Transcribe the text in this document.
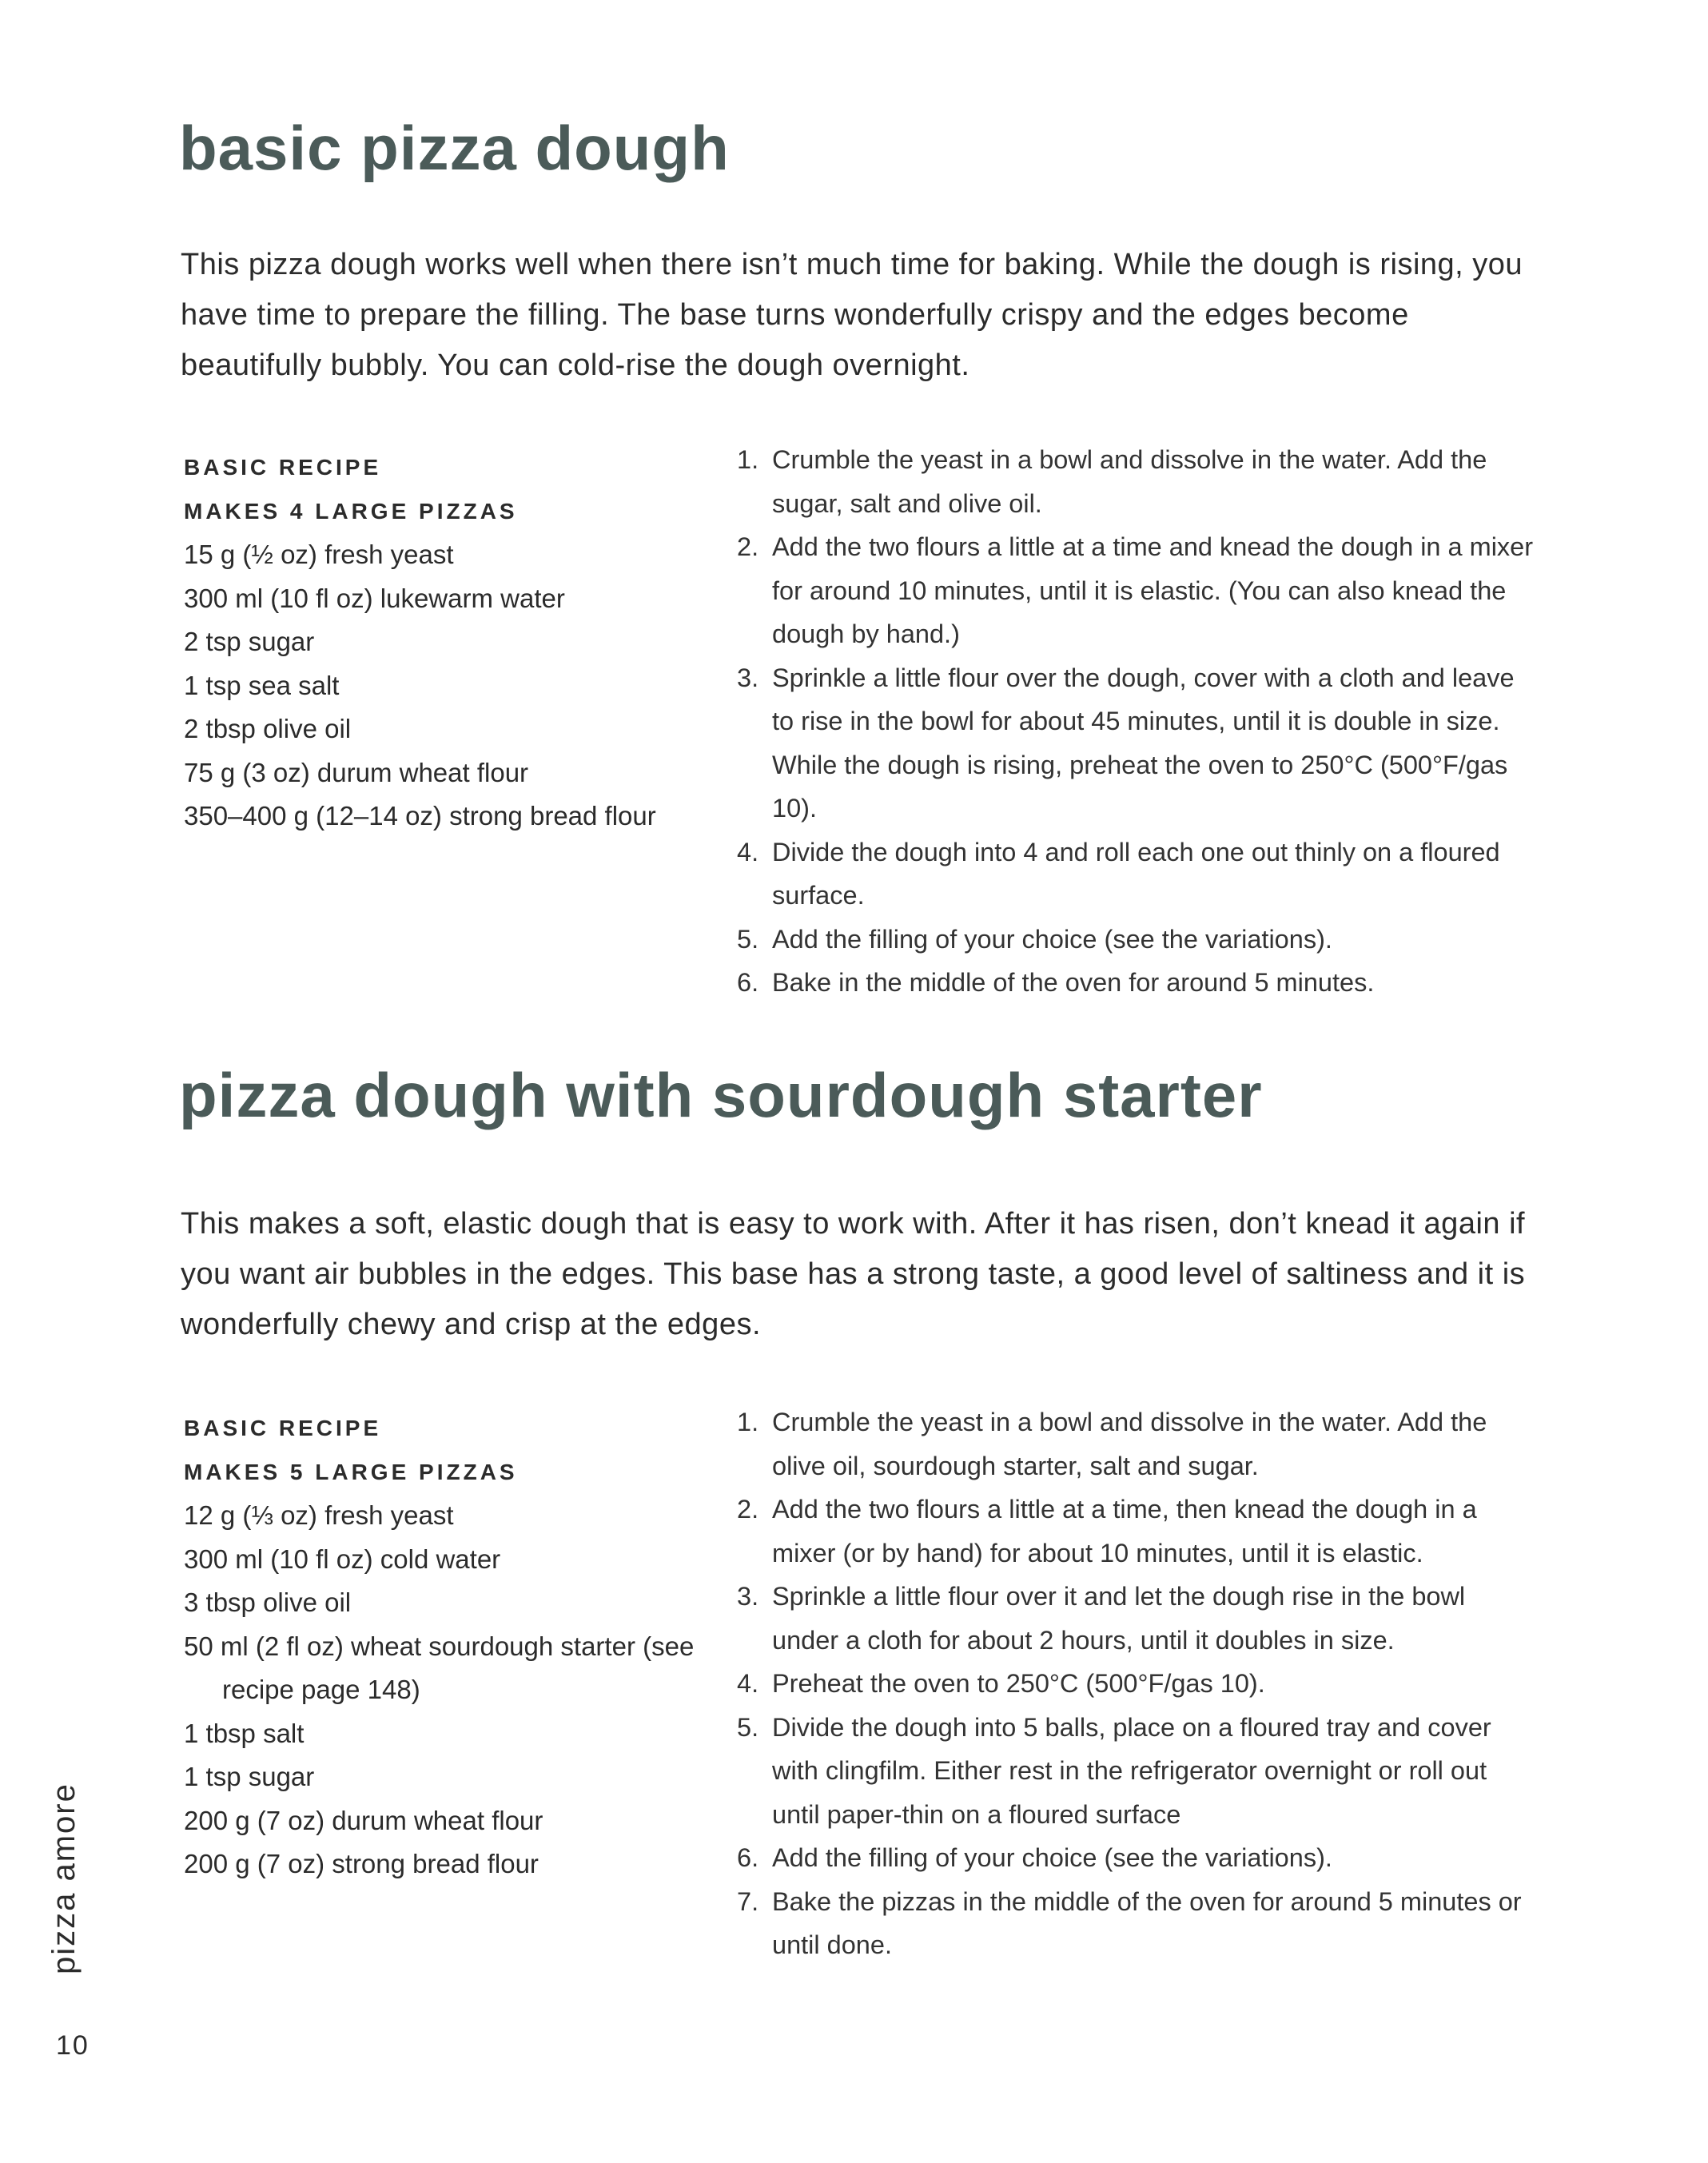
basic pizza dough

This pizza dough works well when there isn’t much time for baking. While the dough is rising, you have time to prepare the filling. The base turns wonderfully crispy and the edges become beautifully bubbly. You can cold-rise the dough overnight.

BASIC RECIPE
MAKES 4 LARGE PIZZAS
15 g (½ oz) fresh yeast
300 ml (10 fl oz) lukewarm water
2 tsp sugar
1 tsp sea salt
2 tbsp olive oil
75 g (3 oz) durum wheat flour
350–400 g (12–14 oz) strong bread flour
1. Crumble the yeast in a bowl and dissolve in the water. Add the sugar, salt and olive oil.
2. Add the two flours a little at a time and knead the dough in a mixer for around 10 minutes, until it is elastic. (You can also knead the dough by hand.)
3. Sprinkle a little flour over the dough, cover with a cloth and leave to rise in the bowl for about 45 minutes, until it is double in size. While the dough is rising, preheat the oven to 250°C (500°F/gas 10).
4. Divide the dough into 4 and roll each one out thinly on a floured surface.
5. Add the filling of your choice (see the variations).
6. Bake in the middle of the oven for around 5 minutes.
pizza dough with sourdough starter

This makes a soft, elastic dough that is easy to work with. After it has risen, don’t knead it again if you want air bubbles in the edges. This base has a strong taste, a good level of saltiness and it is wonderfully chewy and crisp at the edges.

BASIC RECIPE
MAKES 5 LARGE PIZZAS
12 g (⅓ oz) fresh yeast
300 ml (10 fl oz) cold water
3 tbsp olive oil
50 ml (2 fl oz) wheat sourdough starter (see recipe page 148)
1 tbsp salt
1 tsp sugar
200 g (7 oz) durum wheat flour
200 g (7 oz) strong bread flour
1. Crumble the yeast in a bowl and dissolve in the water. Add the olive oil, sourdough starter, salt and sugar.
2. Add the two flours a little at a time, then knead the dough in a mixer (or by hand) for about 10 minutes, until it is elastic.
3. Sprinkle a little flour over it and let the dough rise in the bowl under a cloth for about 2 hours, until it doubles in size.
4. Preheat the oven to 250°C (500°F/gas 10).
5. Divide the dough into 5 balls, place on a floured tray and cover with clingfilm. Either rest in the refrigerator overnight or roll out until paper-thin on a floured surface
6. Add the filling of your choice (see the variations).
7. Bake the pizzas in the middle of the oven for around 5 minutes or until done.
pizza amore
10
